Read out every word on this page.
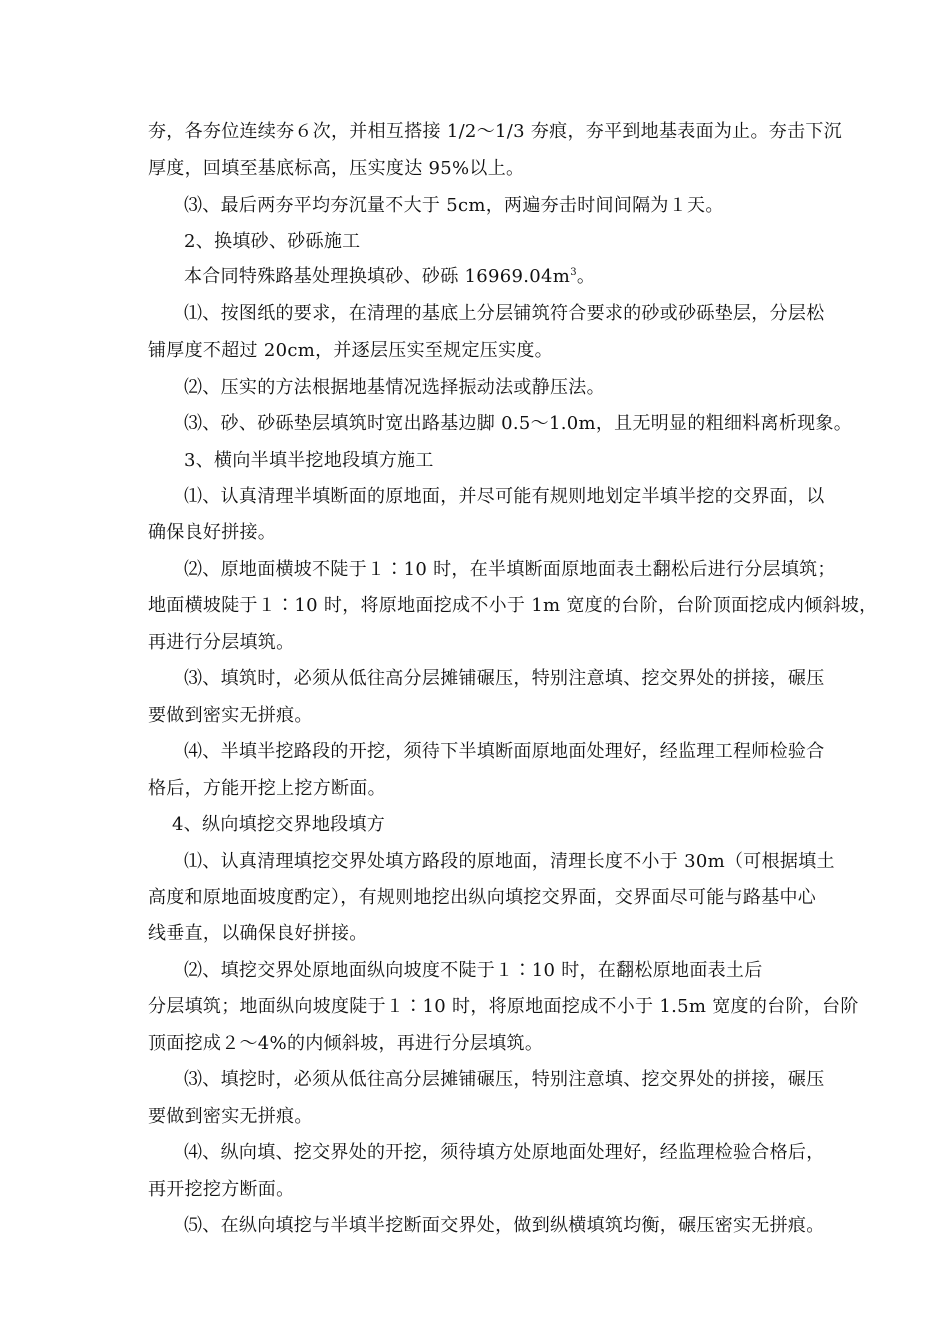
夯，各夯位连续夯６次，并相互搭接 1/2～1/3 夯痕，夯平到地基表面为止。夯击下沉
厚度，回填至基底标高，压实度达 95%以上。
⑶、最后两夯平均夯沉量不大于 5cm，两遍夯击时间间隔为１天。
2、换填砂、砂砾施工
本合同特殊路基处理换填砂、砂砾 $16969.04m^3$。
⑴、按图纸的要求，在清理的基底上分层铺筑符合要求的砂或砂砾垫层，分层松
铺厚度不超过 20cm，并逐层压实至规定压实度。
⑵、压实的方法根据地基情况选择振动法或静压法。
⑶、砂、砂砾垫层填筑时宽出路基边脚 0.5～1.0m，且无明显的粗细料离析现象。
3、横向半填半挖地段填方施工
⑴、认真清理半填断面的原地面，并尽可能有规则地划定半填半挖的交界面，以
确保良好拼接。
⑵、原地面横坡不陡于１∶10 时，在半填断面原地面表土翻松后进行分层填筑；
地面横坡陡于１∶10 时，将原地面挖成不小于 1m 宽度的台阶，台阶顶面挖成内倾斜坡，
再进行分层填筑。
⑶、填筑时，必须从低往高分层摊铺碾压，特别注意填、挖交界处的拼接，碾压
要做到密实无拼痕。
⑷、半填半挖路段的开挖，须待下半填断面原地面处理好，经监理工程师检验合
格后，方能开挖上挖方断面。
4、纵向填挖交界地段填方
⑴、认真清理填挖交界处填方路段的原地面，清理长度不小于 30m（可根据填土
高度和原地面坡度酌定），有规则地挖出纵向填挖交界面，交界面尽可能与路基中心
线垂直，以确保良好拼接。
⑵、填挖交界处原地面纵向坡度不陡于１∶10 时，在翻松原地面表土后
分层填筑；地面纵向坡度陡于１∶10 时，将原地面挖成不小于 1.5m 宽度的台阶，台阶
顶面挖成２～4%的内倾斜坡，再进行分层填筑。
⑶、填挖时，必须从低往高分层摊铺碾压，特别注意填、挖交界处的拼接，碾压
要做到密实无拼痕。
⑷、纵向填、挖交界处的开挖，须待填方处原地面处理好，经监理检验合格后，
再开挖挖方断面。
⑸、在纵向填挖与半填半挖断面交界处，做到纵横填筑均衡，碾压密实无拼痕。
